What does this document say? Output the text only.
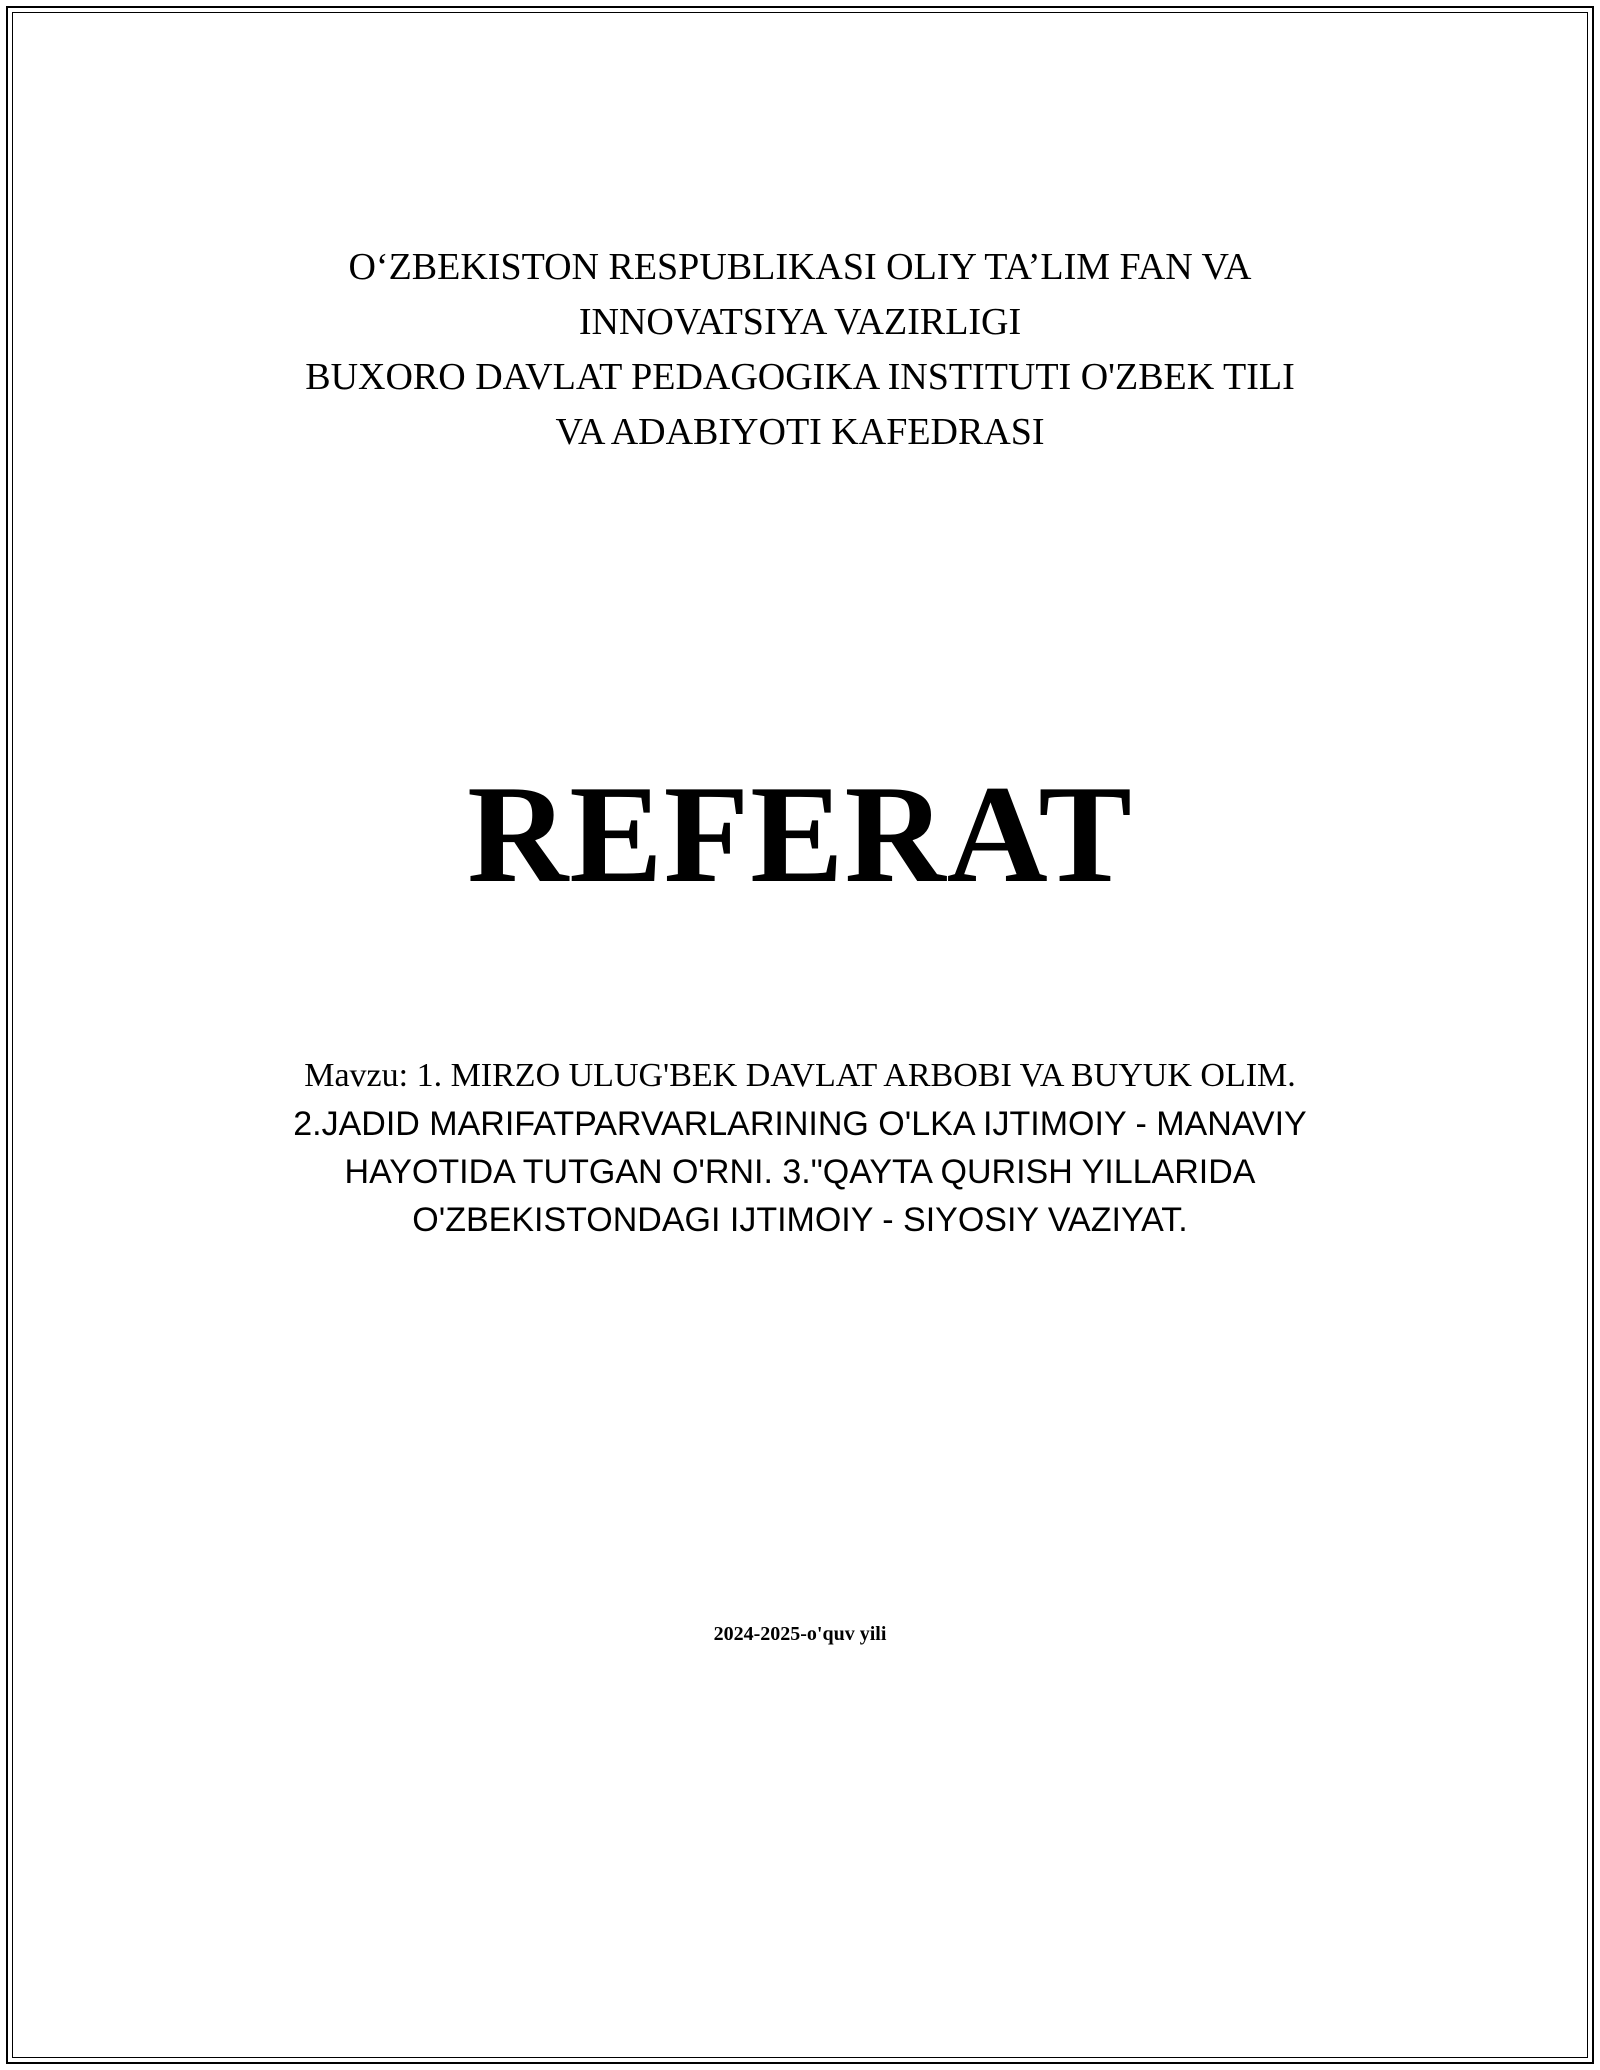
O‘ZBEKISTON RESPUBLIKASI OLIY TA’LIM FAN VA
INNOVATSIYA VAZIRLIGI
BUXORO DAVLAT PEDAGOGIKA INSTITUTI O'ZBEK TILI
VA ADABIYOTI KAFEDRASI
REFERAT
Mavzu: 1. MIRZO ULUG'BEK DAVLAT ARBOBI VA BUYUK OLIM.
2.JADID MARIFATPARVARLARINING O'LKA IJTIMOIY - MANAVIY
HAYOTIDA TUTGAN O'RNI. 3."QAYTA QURISH YILLARIDA
O'ZBEKISTONDAGI IJTIMOIY - SIYOSIY VAZIYAT.
2024-2025-o'quv yili
